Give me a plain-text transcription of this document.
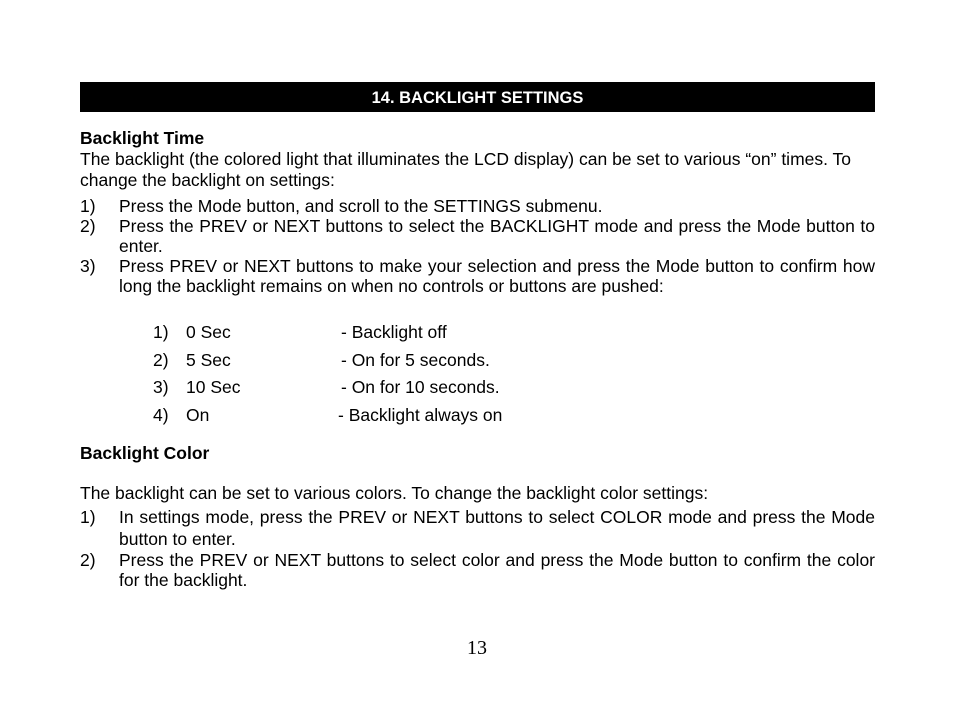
14. BACKLIGHT SETTINGS
Backlight Time

The backlight (the colored light that illuminates the LCD display) can be set to various “on” times. To change the backlight on settings:

1) Press the Mode button, and scroll to the SETTINGS submenu.
2) Press the PREV or NEXT buttons to select the BACKLIGHT mode and press the Mode button to enter.
3) Press PREV or NEXT buttons to make your selection and press the Mode button to confirm how long the backlight remains on when no controls or buttons are pushed:
1) 0 Sec	- Backlight off
2) 5 Sec	- On for 5 seconds.
3) 10 Sec	- On for 10 seconds.
4) On	- Backlight always on
Backlight Color

The backlight can be set to various colors. To change the backlight color settings:

1) In settings mode, press the PREV or NEXT buttons to select COLOR mode and press the Mode button to enter.
2) Press the PREV or NEXT buttons to select color and press the Mode button to confirm the color for the backlight.
13
